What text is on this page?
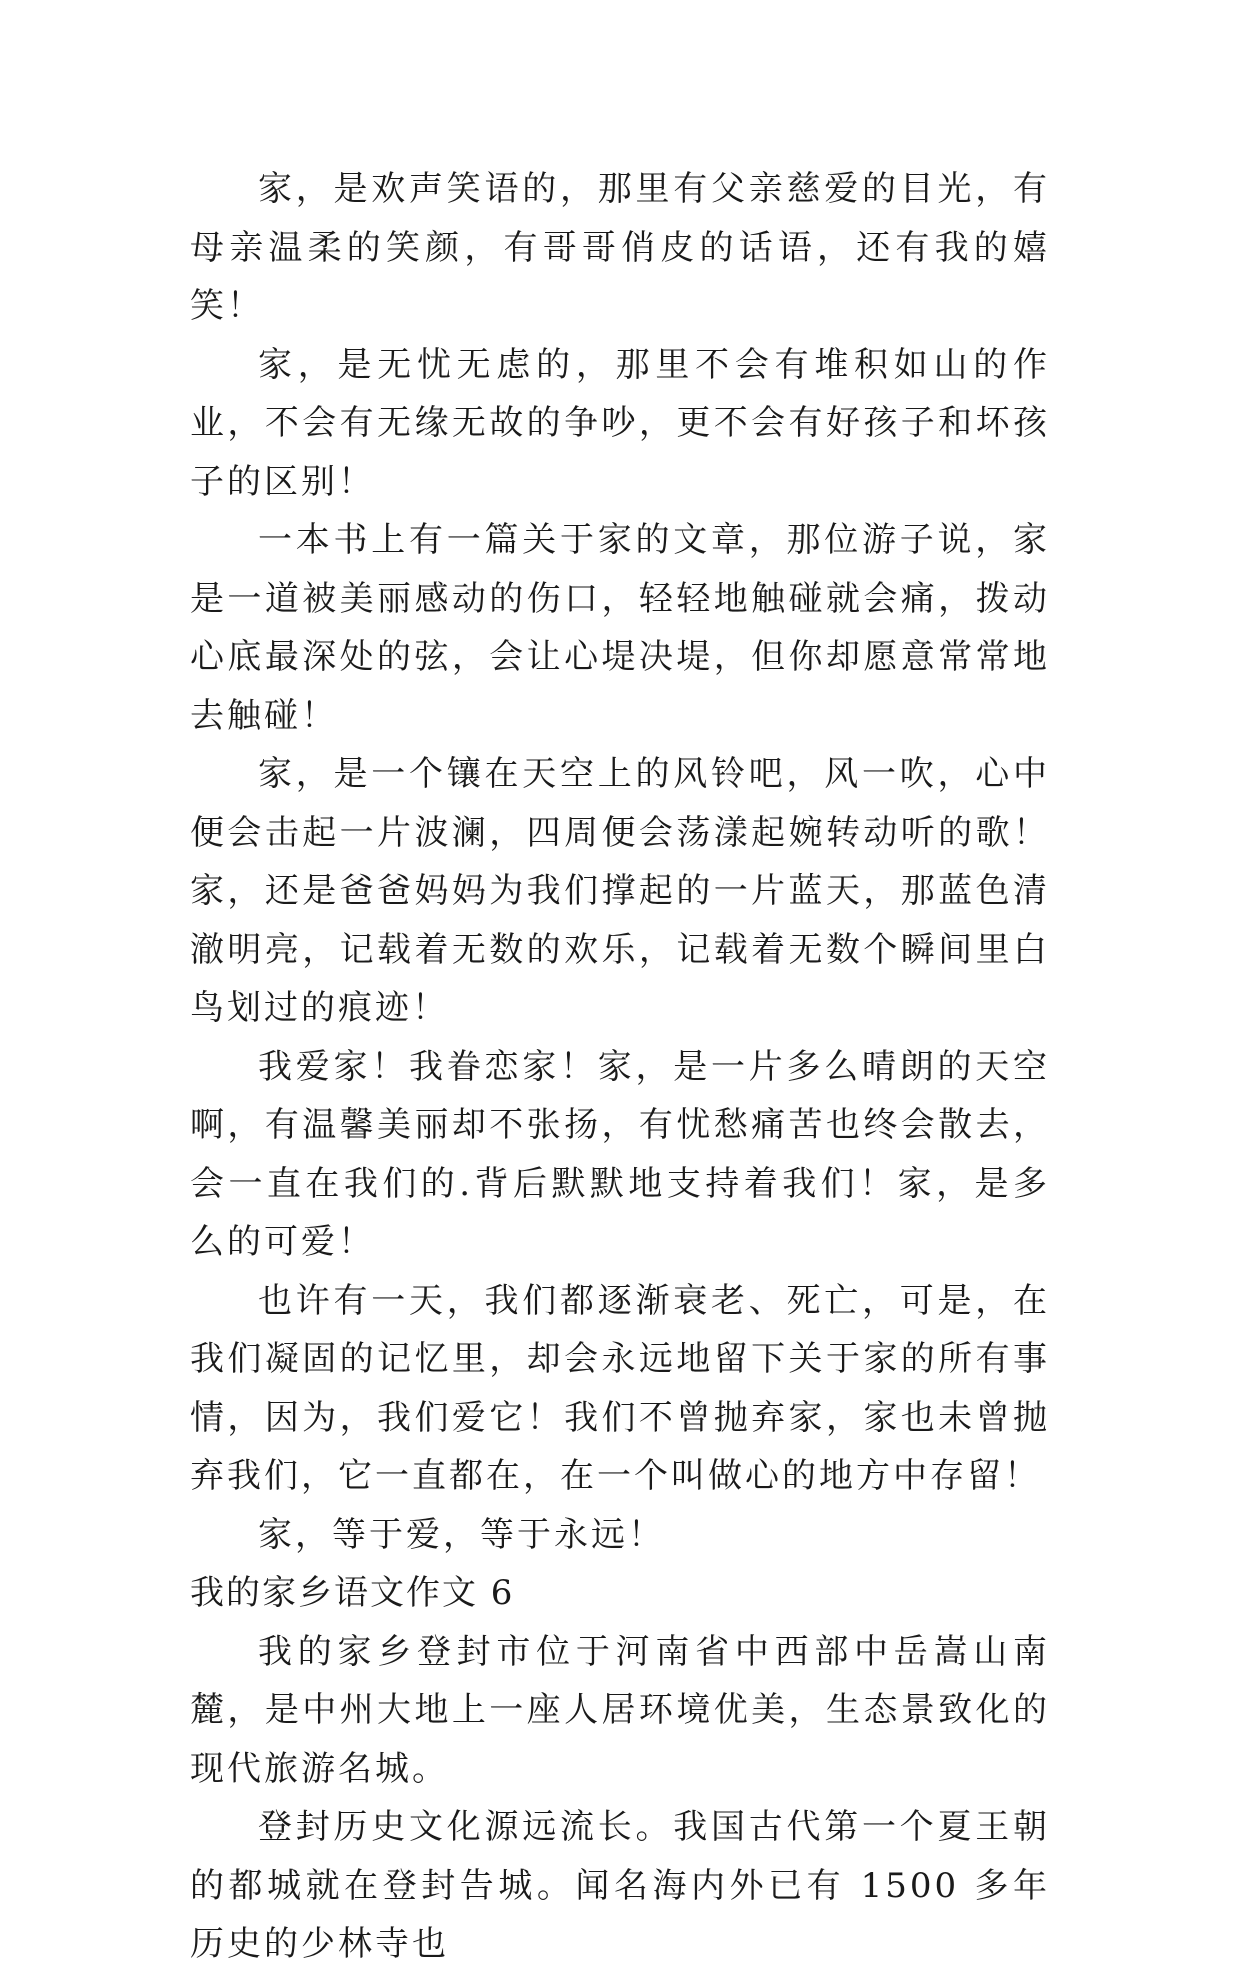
家，是欢声笑语的，那里有父亲慈爱的目光，有母亲温柔的笑颜，有哥哥俏皮的话语，还有我的嬉笑！

家，是无忧无虑的，那里不会有堆积如山的作业，不会有无缘无故的争吵，更不会有好孩子和坏孩子的区别！

一本书上有一篇关于家的文章，那位游子说，家是一道被美丽感动的伤口，轻轻地触碰就会痛，拨动心底最深处的弦，会让心堤决堤，但你却愿意常常地去触碰！

家，是一个镶在天空上的风铃吧，风一吹，心中便会击起一片波澜，四周便会荡漾起婉转动听的歌！家，还是爸爸妈妈为我们撑起的一片蓝天，那蓝色清澈明亮，记载着无数的欢乐，记载着无数个瞬间里白鸟划过的痕迹！

我爱家！我眷恋家！家，是一片多么晴朗的天空啊，有温馨美丽却不张扬，有忧愁痛苦也终会散去，会一直在我们的.背后默默地支持着我们！家，是多么的可爱！

也许有一天，我们都逐渐衰老、死亡，可是，在我们凝固的记忆里，却会永远地留下关于家的所有事情，因为，我们爱它！我们不曾抛弃家，家也未曾抛弃我们，它一直都在，在一个叫做心的地方中存留！

家，等于爱，等于永远！

我的家乡语文作文 6

我的家乡登封市位于河南省中西部中岳嵩山南麓，是中州大地上一座人居环境优美，生态景致化的现代旅游名城。

登封历史文化源远流长。我国古代第一个夏王朝的都城就在登封告城。闻名海内外已有 1500 多年历史的少林寺也
